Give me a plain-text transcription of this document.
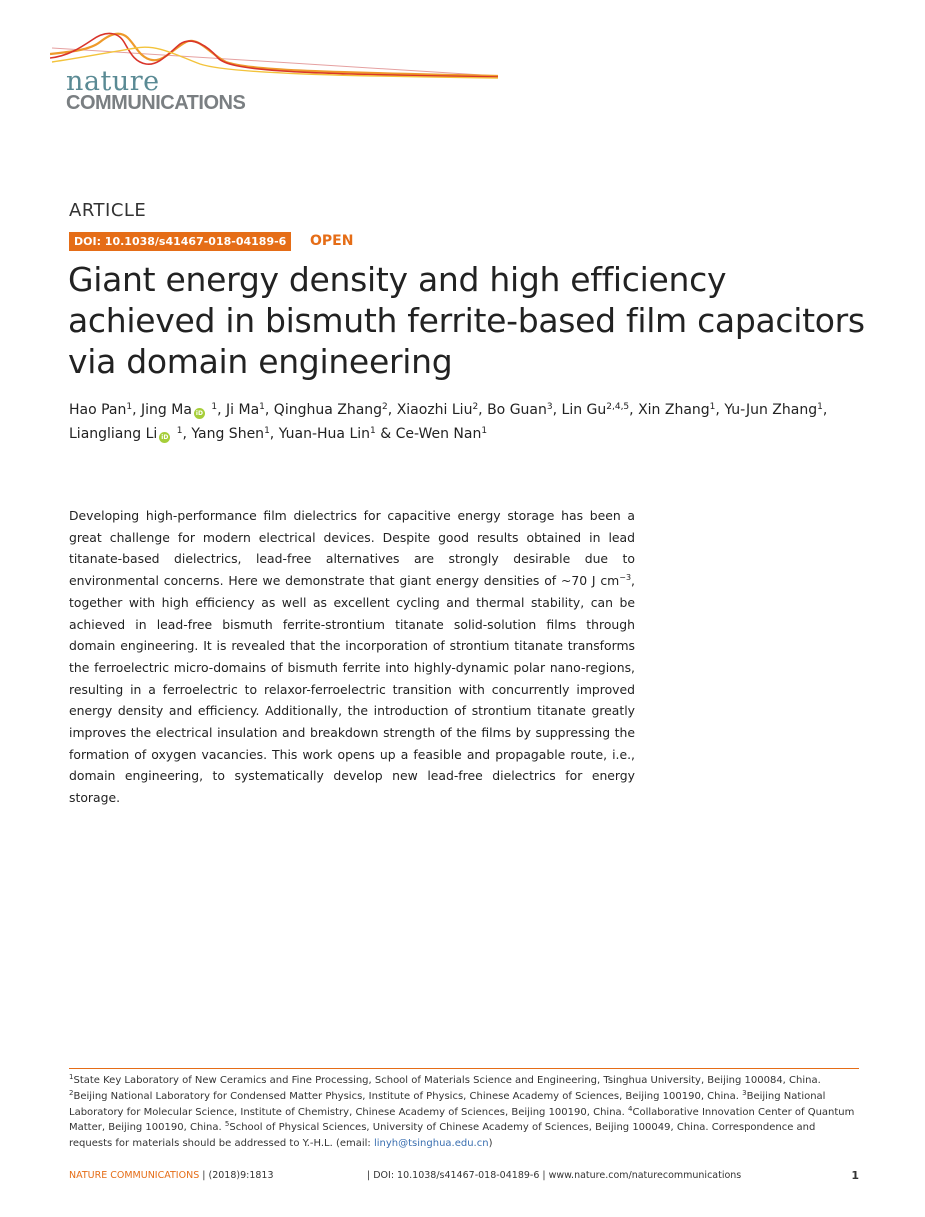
nature
COMMUNICATIONS
ARTICLE
DOI: 10.1038/s41467-018-04189-6	OPEN
Giant energy density and high efficiency achieved in bismuth ferrite-based film capacitors via domain engineering
Hao Pan$^1$, Jing Ma iD $^1$, Ji Ma$^1$, Qinghua Zhang$^2$, Xiaozhi Liu$^2$, Bo Guan$^3$, Lin Gu$^{2,4,5}$, Xin Zhang$^1$, Yu-Jun Zhang$^1$, Liangliang Li iD $^1$, Yang Shen$^1$, Yuan-Hua Lin$^1$ & Ce-Wen Nan$^1$

Developing high-performance film dielectrics for capacitive energy storage has been a great challenge for modern electrical devices. Despite good results obtained in lead titanate-based dielectrics, lead-free alternatives are strongly desirable due to environmental concerns. Here we demonstrate that giant energy densities of ~70 J $cm^{-3}$, together with high efficiency as well as excellent cycling and thermal stability, can be achieved in lead-free bismuth ferrite-strontium titanate solid-solution films through domain engineering. It is revealed that the incorporation of strontium titanate transforms the ferroelectric micro-domains of bismuth ferrite into highly-dynamic polar nano-regions, resulting in a ferroelectric to relaxor-ferroelectric transition with concurrently improved energy density and efficiency. Additionally, the introduction of strontium titanate greatly improves the electrical insulation and breakdown strength of the films by suppressing the formation of oxygen vacancies. This work opens up a feasible and propagable route, i.e., domain engineering, to systematically develop new lead-free dielectrics for energy storage.

$^1$State Key Laboratory of New Ceramics and Fine Processing, School of Materials Science and Engineering, Tsinghua University, Beijing 100084, China. $^2$Beijing National Laboratory for Condensed Matter Physics, Institute of Physics, Chinese Academy of Sciences, Beijing 100190, China. $^3$Beijing National Laboratory for Molecular Science, Institute of Chemistry, Chinese Academy of Sciences, Beijing 100190, China. $^4$Collaborative Innovation Center of Quantum Matter, Beijing 100190, China. $^5$School of Physical Sciences, University of Chinese Academy of Sciences, Beijing 100049, China. Correspondence and requests for materials should be addressed to Y.-H.L. (email: linyh@tsinghua.edu.cn)

NATURE COMMUNICATIONS | (2018)9:1813	| DOI: 10.1038/s41467-018-04189-6 | www.nature.com/naturecommunications	1
